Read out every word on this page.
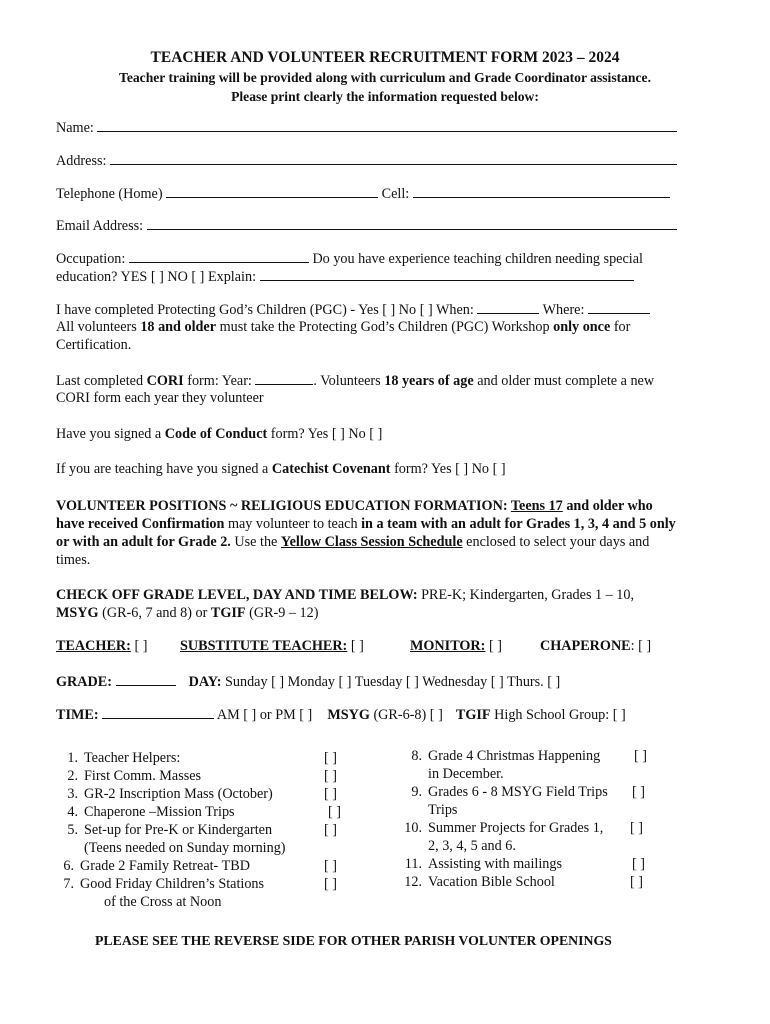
TEACHER AND VOLUNTEER RECRUITMENT FORM 2023 – 2024
Teacher training will be provided along with curriculum and Grade Coordinator assistance.
Please print clearly the information requested below:
Name:
Address:
Telephone (Home)	Cell:
Email Address:
Occupation:	Do you have experience teaching children needing special
education? YES [ ] NO [ ] Explain:
I have completed Protecting God’s Children (PGC) - Yes [ ] No [ ] When:	Where:
All volunteers 18 and older must take the Protecting God’s Children (PGC) Workshop only once for
Certification.
Last completed CORI form: Year:	. Volunteers 18 years of age and older must complete a new
CORI form each year they volunteer
Have you signed a Code of Conduct form? Yes [ ] No [ ]
If you are teaching have you signed a Catechist Covenant form? Yes [ ] No [ ]
VOLUNTEER POSITIONS ~ RELIGIOUS EDUCATION FORMATION: Teens 17 and older who
have received Confirmation may volunteer to teach in a team with an adult for Grades 1, 3, 4 and 5 only
or with an adult for Grade 2. Use the Yellow Class Session Schedule enclosed to select your days and
times.
CHECK OFF GRADE LEVEL, DAY AND TIME BELOW: PRE-K; Kindergarten, Grades 1 – 10,
MSYG (GR-6, 7 and 8) or TGIF (GR-9 – 12)
TEACHER: [ ] SUBSTITUTE TEACHER: [ ]	MONITOR: [ ]	CHAPERONE: [ ]
GRADE:	DAY: Sunday [ ] Monday [ ] Tuesday [ ] Wednesday [ ] Thurs. [ ]
TIME:	AM [ ] or PM [ ] MSYG (GR-6-8) [ ] TGIF High School Group: [ ]
1. Teacher Helpers:	[ ]
2. First Comm. Masses	[ ]
3. GR-2 Inscription Mass (October)	[ ]
4. Chaperone –Mission Trips	[ ]
5. Set-up for Pre-K or Kindergarten	[ ]
(Teens needed on Sunday morning)
6. Grade 2 Family Retreat- TBD	[ ]
7. Good Friday Children’s Stations	[ ]
of the Cross at Noon
8. Grade 4 Christmas Happening [ ]
in December.
9. Grades 6 - 8 MSYG Field Trips [ ]
Trips
10. Summer Projects for Grades 1, [ ]
2, 3, 4, 5 and 6.
11. Assisting with mailings	[ ]
12. Vacation Bible School	[ ]
PLEASE SEE THE REVERSE SIDE FOR OTHER PARISH VOLUNTER OPENINGS
